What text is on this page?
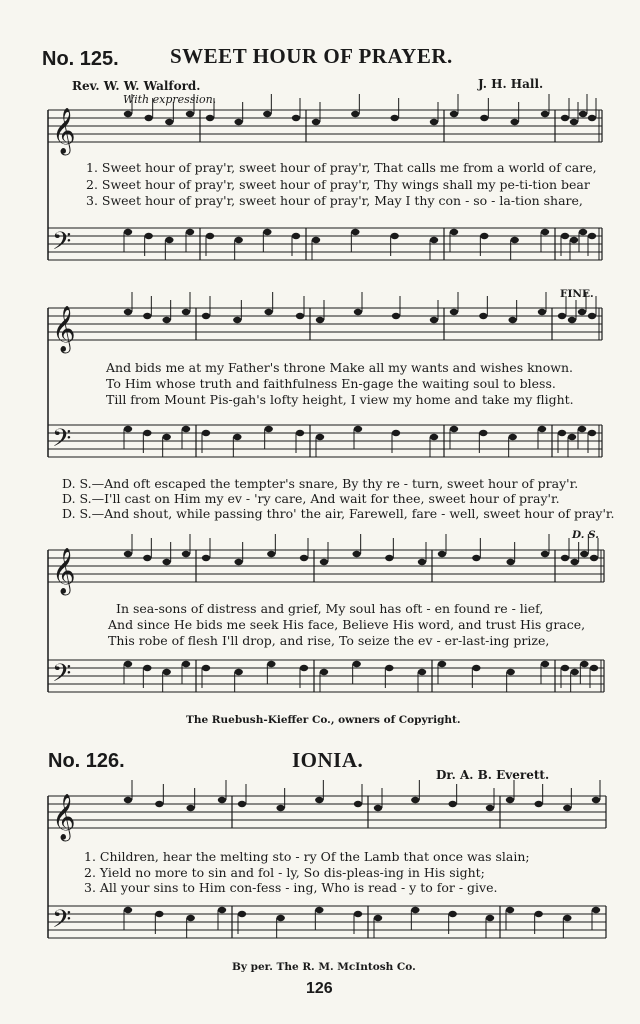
No. 125. SWEET HOUR OF PRAYER.
Rev. W. W. Walford.	J. H. Hall.
With expression.
𝄞
𝄢
𝄞
𝄢
𝄞
𝄢
𝄞
𝄢
1. Sweet hour of pray'r, sweet hour of pray'r, That calls me from a world of care,
2. Sweet hour of pray'r, sweet hour of pray'r, Thy wings shall my pe-ti-tion bear
3. Sweet hour of pray'r, sweet hour of pray'r, May I thy con - so - la-tion share,
FINE.
And bids me at my Father's throne Make all my wants and wishes known.
To Him whose truth and faithfulness En-gage the waiting soul to bless.
Till from Mount Pis-gah's lofty height, I view my home and take my flight.
D. S.—And oft escaped the tempter's snare, By thy re - turn, sweet hour of pray'r.
D. S.—I'll cast on Him my ev - 'ry care, And wait for thee, sweet hour of pray'r.
D. S.—And shout, while passing thro' the air, Farewell, fare - well, sweet hour of pray'r.
D. S.
In sea-sons of distress and grief, My soul has oft - en found re - lief,
And since He bids me seek His face, Believe His word, and trust His grace,
This robe of flesh I'll drop, and rise, To seize the ev - er-last-ing prize,
The Ruebush-Kieffer Co., owners of Copyright.
No. 126.	IONIA.
Dr. A. B. Everett.
1. Children, hear the melting sto - ry Of the Lamb that once was slain;
2. Yield no more to sin and fol - ly, So dis-pleas-ing in His sight;
3. All your sins to Him con-fess - ing, Who is read - y to for - give.
By per. The R. M. McIntosh Co.
126
